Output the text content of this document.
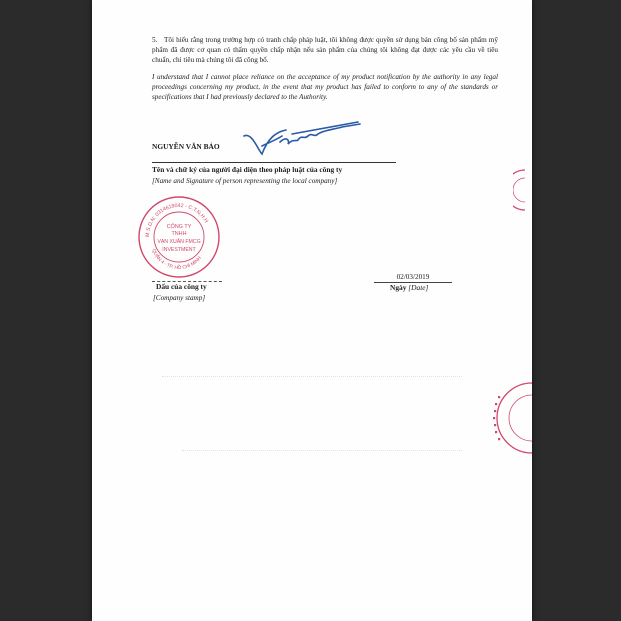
5. Tôi hiểu rằng trong trường hợp có tranh chấp pháp luật, tôi không được quyền sử dụng bản công bố sản phẩm mỹ phẩm đã được cơ quan có thẩm quyền chấp nhận nếu sản phẩm của chúng tôi không đạt được các yêu cầu về tiêu chuẩn, chỉ tiêu mà chúng tôi đã công bố.
I understand that I cannot place reliance on the acceptance of my product notification by the authority in any legal proceedings concerning my product, in the event that my product has failed to conform to any of the standards or specifications that I had previously declared to the Authority.
NGUYỄN VĂN BẢO
Tên và chữ ký của người đại diện theo pháp luật của công ty
[Name and Signature of person representing the local company]
M.S.D.N: 0314619042 - C.T.N.H.H
QUẬN 4 - TP. HỒ CHÍ MINH
CÔNG TY
TNHH
VẠN XUÂN FMCG
INVESTMENT
Dấu của công ty
[Company stamp]
02/03/2019
Ngày [Date]
